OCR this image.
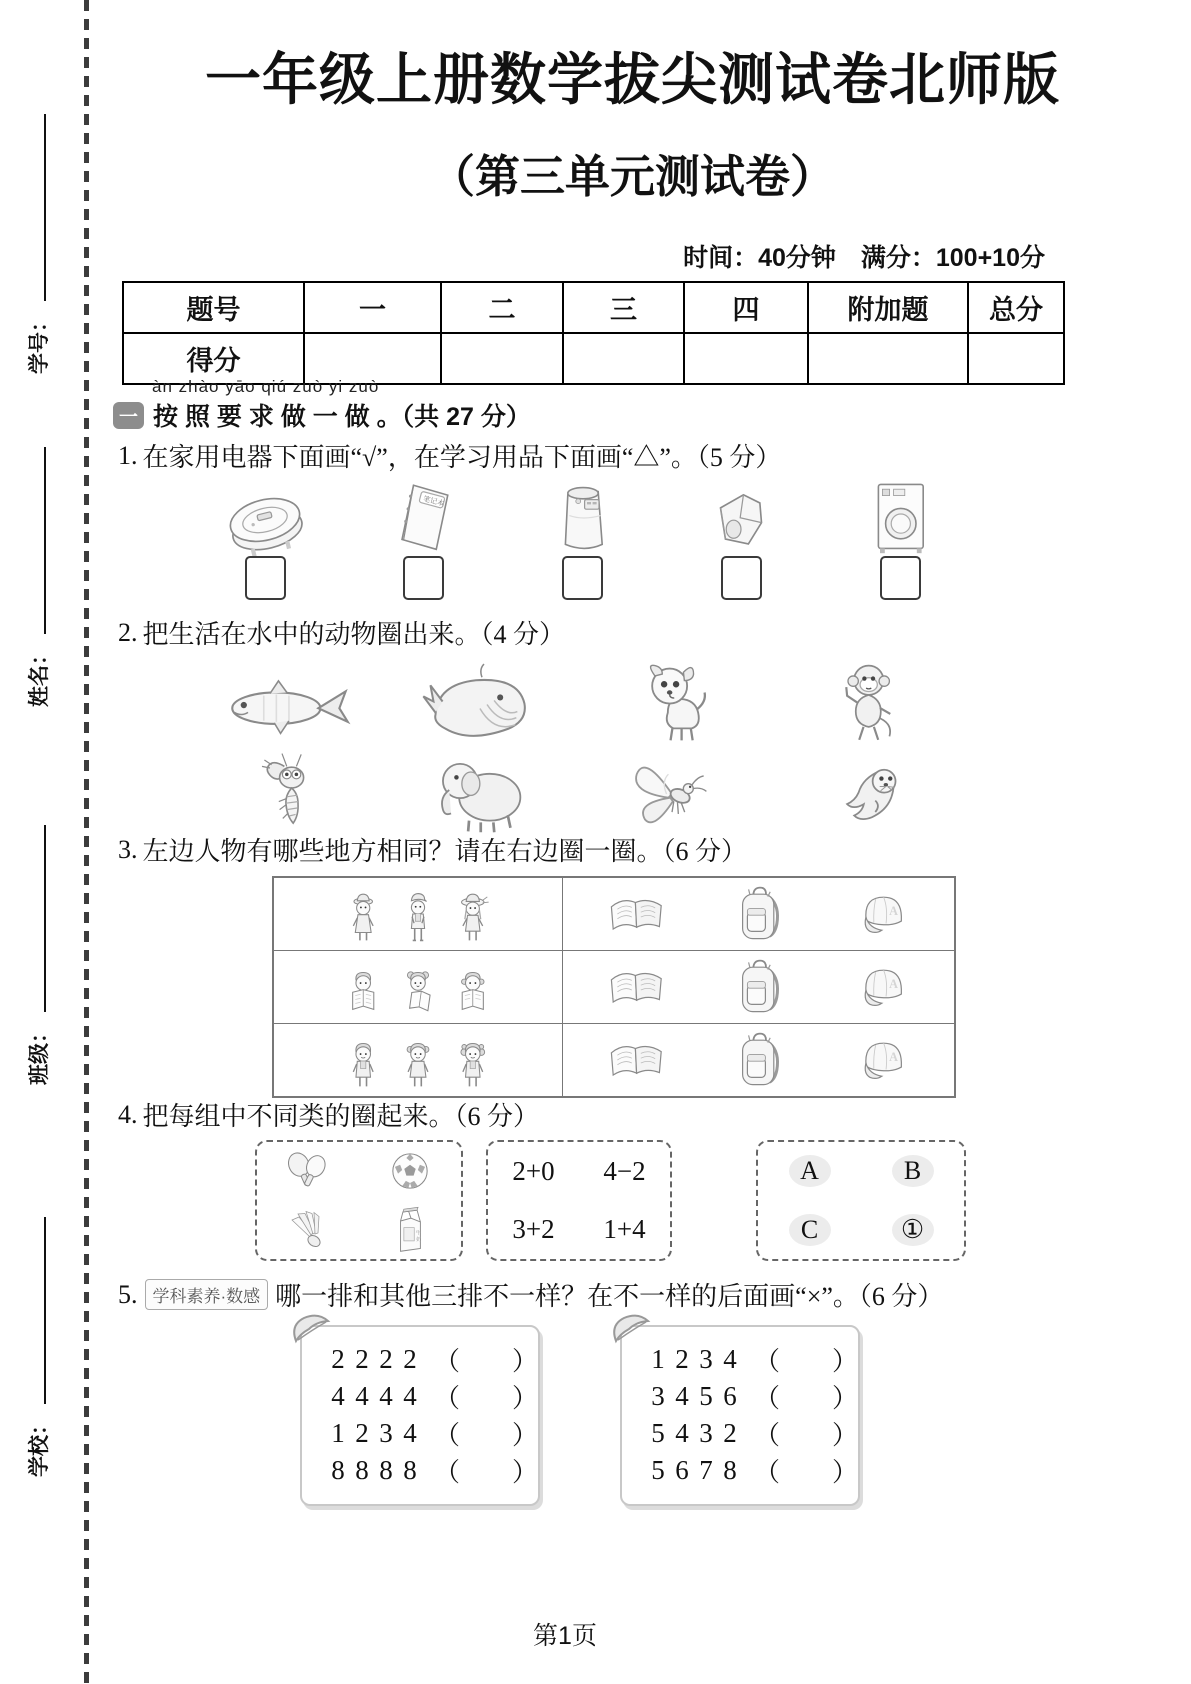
学号：
姓名：
班级：
学校：
一年级上册数学拔尖测试卷北师版
（第三单元测试卷）
时间：40分钟　满分：100+10分
题号	一	二	三	四	附加题	总分
得分						
àn zhào yāo qiú zuò yi zuò
一 按 照 要 求 做 一 做 。（共 27 分）
1. 在家用电器下面画“√”，在学习用品下面画“△”。（5 分）
笔记本
2. 把生活在水中的动物圈出来。（4 分）
3. 左边人物有哪些地方相同？请在右边圈一圈。（6 分）
A
A
A
4. 把每组中不同类的圈起来。（6 分）
牛
奶
2+0 4−2
3+2 1+4
A	B
C	①
5. 学科素养·数感 哪一排和其他三排不一样？在不一样的后面画“×”。（6 分）
2 2 2 2 （　　）
4 4 4 4 （　　）
1 2 3 4 （　　）
8 8 8 8 （　　）
1 2 3 4 （　　）
3 4 5 6 （　　）
5 4 3 2 （　　）
5 6 7 8 （　　）
第1页
